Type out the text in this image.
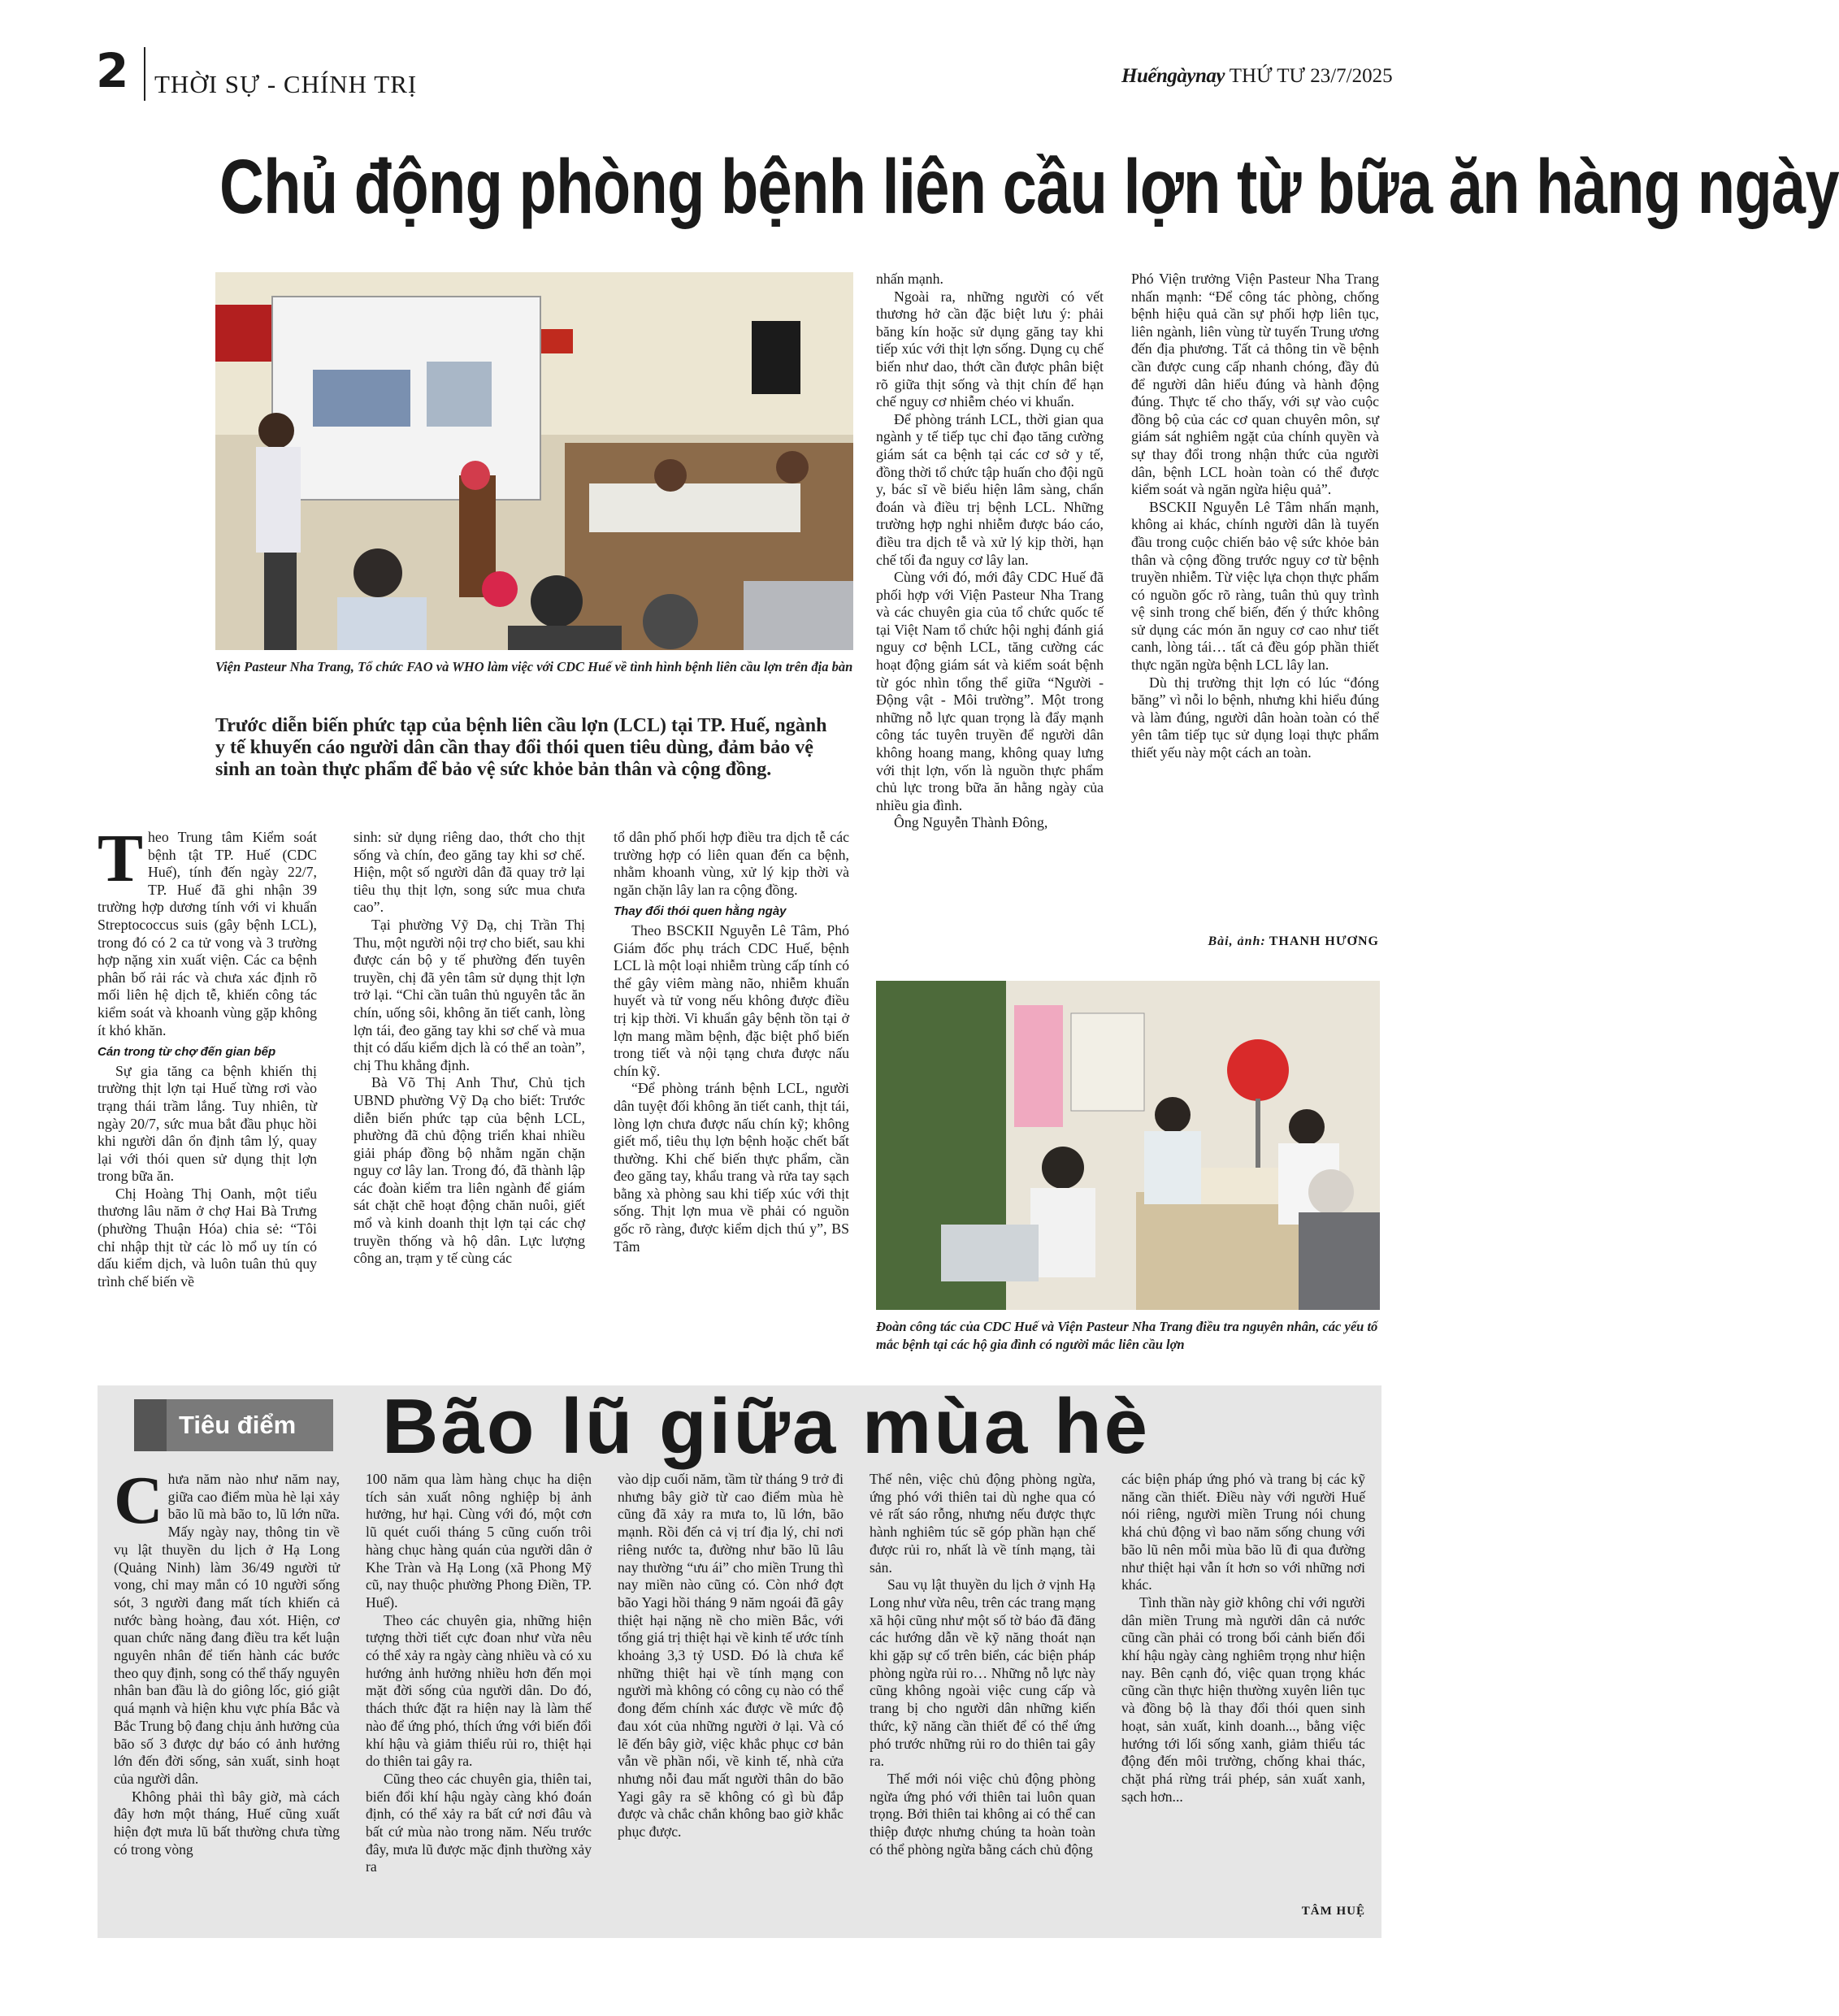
2 THỜI SỰ - CHÍNH TRỊ	Huếngàynay THỨ TƯ 23/7/2025
Chủ động phòng bệnh liên cầu lợn từ bữa ăn hàng ngày
Viện Pasteur Nha Trang, Tổ chức FAO và WHO làm việc với CDC Huế về tình hình bệnh liên cầu lợn trên địa bàn
Trước diễn biến phức tạp của bệnh liên cầu lợn (LCL) tại TP. Huế, ngành y tế khuyến cáo người dân cần thay đổi thói quen tiêu dùng, đảm bảo vệ sinh an toàn thực phẩm để bảo vệ sức khỏe bản thân và cộng đồng.

Theo Trung tâm Kiểm soát bệnh tật TP. Huế (CDC Huế), tính đến ngày 22/7, TP. Huế đã ghi nhận 39 trường hợp dương tính với vi khuẩn Streptococcus suis (gây bệnh LCL), trong đó có 2 ca tử vong và 3 trường hợp nặng xin xuất viện. Các ca bệnh phân bố rải rác và chưa xác định rõ mối liên hệ dịch tễ, khiến công tác kiểm soát và khoanh vùng gặp không ít khó khăn.

Cán trong từ chợ đến gian bếp

Sự gia tăng ca bệnh khiến thị trường thịt lợn tại Huế từng rơi vào trạng thái trầm lắng. Tuy nhiên, từ ngày 20/7, sức mua bắt đầu phục hồi khi người dân ổn định tâm lý, quay lại với thói quen sử dụng thịt lợn trong bữa ăn.

Chị Hoàng Thị Oanh, một tiểu thương lâu năm ở chợ Hai Bà Trưng (phường Thuận Hóa) chia sẻ: “Tôi chỉ nhập thịt từ các lò mổ uy tín có dấu kiểm dịch, và luôn tuân thủ quy trình chế biến về

sinh: sử dụng riêng dao, thớt cho thịt sống và chín, đeo găng tay khi sơ chế. Hiện, một số người dân đã quay trở lại tiêu thụ thịt lợn, song sức mua chưa cao”.

Tại phường Vỹ Dạ, chị Trần Thị Thu, một người nội trợ cho biết, sau khi được cán bộ y tế phường đến tuyên truyền, chị đã yên tâm sử dụng thịt lợn trở lại. “Chỉ cần tuân thủ nguyên tắc ăn chín, uống sôi, không ăn tiết canh, lòng lợn tái, đeo găng tay khi sơ chế và mua thịt có dấu kiểm dịch là có thể an toàn”, chị Thu khẳng định.

Bà Võ Thị Anh Thư, Chủ tịch UBND phường Vỹ Dạ cho biết: Trước diễn biến phức tạp của bệnh LCL, phường đã chủ động triển khai nhiều giải pháp đồng bộ nhằm ngăn chặn nguy cơ lây lan. Trong đó, đã thành lập các đoàn kiểm tra liên ngành để giám sát chặt chẽ hoạt động chăn nuôi, giết mổ và kinh doanh thịt lợn tại các chợ truyền thống và hộ dân. Lực lượng công an, trạm y tế cùng các

tổ dân phố phối hợp điều tra dịch tễ các trường hợp có liên quan đến ca bệnh, nhằm khoanh vùng, xử lý kịp thời và ngăn chặn lây lan ra cộng đồng.

Thay đổi thói quen hằng ngày

Theo BSCKII Nguyễn Lê Tâm, Phó Giám đốc phụ trách CDC Huế, bệnh LCL là một loại nhiễm trùng cấp tính có thể gây viêm màng não, nhiễm khuẩn huyết và tử vong nếu không được điều trị kịp thời. Vi khuẩn gây bệnh tồn tại ở lợn mang mầm bệnh, đặc biệt phổ biến trong tiết và nội tạng chưa được nấu chín kỹ.

“Để phòng tránh bệnh LCL, người dân tuyệt đối không ăn tiết canh, thịt tái, lòng lợn chưa được nấu chín kỹ; không giết mổ, tiêu thụ lợn bệnh hoặc chết bất thường. Khi chế biến thực phẩm, cần đeo găng tay, khẩu trang và rửa tay sạch bằng xà phòng sau khi tiếp xúc với thịt sống. Thịt lợn mua về phải có nguồn gốc rõ ràng, được kiểm dịch thú y”, BS Tâm

nhấn mạnh.

Ngoài ra, những người có vết thương hở cần đặc biệt lưu ý: phải băng kín hoặc sử dụng găng tay khi tiếp xúc với thịt lợn sống. Dụng cụ chế biến như dao, thớt cần được phân biệt rõ giữa thịt sống và thịt chín để hạn chế nguy cơ nhiễm chéo vi khuẩn.

Để phòng tránh LCL, thời gian qua ngành y tế tiếp tục chỉ đạo tăng cường giám sát ca bệnh tại các cơ sở y tế, đồng thời tổ chức tập huấn cho đội ngũ y, bác sĩ về biểu hiện lâm sàng, chẩn đoán và điều trị bệnh LCL. Những trường hợp nghi nhiễm được báo cáo, điều tra dịch tễ và xử lý kịp thời, hạn chế tối đa nguy cơ lây lan.

Cùng với đó, mới đây CDC Huế đã phối hợp với Viện Pasteur Nha Trang và các chuyên gia của tổ chức quốc tế tại Việt Nam tổ chức hội nghị đánh giá nguy cơ bệnh LCL, tăng cường các hoạt động giám sát và kiểm soát bệnh từ góc nhìn tổng thể giữa “Người - Động vật - Môi trường”. Một trong những nỗ lực quan trọng là đẩy mạnh công tác tuyên truyền để người dân không hoang mang, không quay lưng với thịt lợn, vốn là nguồn thực phẩm chủ lực trong bữa ăn hằng ngày của nhiều gia đình.

Ông Nguyễn Thành Đông,

Phó Viện trưởng Viện Pasteur Nha Trang nhấn mạnh: “Để công tác phòng, chống bệnh hiệu quả cần sự phối hợp liên tục, liên ngành, liên vùng từ tuyến Trung ương đến địa phương. Tất cả thông tin về bệnh cần được cung cấp nhanh chóng, đầy đủ để người dân hiểu đúng và hành động đúng. Thực tế cho thấy, với sự vào cuộc đồng bộ của các cơ quan chuyên môn, sự giám sát nghiêm ngặt của chính quyền và sự thay đổi trong nhận thức của người dân, bệnh LCL hoàn toàn có thể được kiểm soát và ngăn ngừa hiệu quả”.

BSCKII Nguyễn Lê Tâm nhấn mạnh, không ai khác, chính người dân là tuyến đầu trong cuộc chiến bảo vệ sức khỏe bản thân và cộng đồng trước nguy cơ từ bệnh truyền nhiễm. Từ việc lựa chọn thực phẩm có nguồn gốc rõ ràng, tuân thủ quy trình vệ sinh trong chế biến, đến ý thức không sử dụng các món ăn nguy cơ cao như tiết canh, lòng tái… tất cả đều góp phần thiết thực ngăn ngừa bệnh LCL lây lan.

Dù thị trường thịt lợn có lúc “đóng băng” vì nỗi lo bệnh, nhưng khi hiểu đúng và làm đúng, người dân hoàn toàn có thể yên tâm tiếp tục sử dụng loại thực phẩm thiết yếu này một cách an toàn.

Bài, ảnh: THANH HƯƠNG
Đoàn công tác của CDC Huế và Viện Pasteur Nha Trang điều tra nguyên nhân, các yếu tố mắc bệnh tại các hộ gia đình có người mắc liên cầu lợn
Tiêu điểm Bão lũ giữa mùa hè

Chưa năm nào như năm nay, giữa cao điểm mùa hè lại xảy bão lũ mà bão to, lũ lớn nữa. Mấy ngày nay, thông tin về vụ lật thuyền du lịch ở Hạ Long (Quảng Ninh) làm 36/49 người tử vong, chỉ may mắn có 10 người sống sót, 3 người đang mất tích khiến cả nước bàng hoàng, đau xót. Hiện, cơ quan chức năng đang điều tra kết luận nguyên nhân để tiến hành các bước theo quy định, song có thể thấy nguyên nhân ban đầu là do giông lốc, gió giật quá mạnh và hiện khu vực phía Bắc và Bắc Trung bộ đang chịu ảnh hưởng của bão số 3 được dự báo có ảnh hưởng lớn đến đời sống, sản xuất, sinh hoạt của người dân.

Không phải thì bây giờ, mà cách đây hơn một tháng, Huế cũng xuất hiện đợt mưa lũ bất thường chưa từng có trong vòng

100 năm qua làm hàng chục ha diện tích sản xuất nông nghiệp bị ảnh hưởng, hư hại. Cùng với đó, một cơn lũ quét cuối tháng 5 cũng cuốn trôi hàng chục hàng quán của người dân ở Khe Tràn và Hạ Long (xã Phong Mỹ cũ, nay thuộc phường Phong Điền, TP. Huế).

Theo các chuyên gia, những hiện tượng thời tiết cực đoan như vừa nêu có thể xảy ra ngày càng nhiều và có xu hướng ảnh hưởng nhiều hơn đến mọi mặt đời sống của người dân. Do đó, thách thức đặt ra hiện nay là làm thế nào để ứng phó, thích ứng với biến đổi khí hậu và giảm thiểu rủi ro, thiệt hại do thiên tai gây ra.

Cũng theo các chuyên gia, thiên tai, biến đổi khí hậu ngày càng khó đoán định, có thể xảy ra bất cứ nơi đâu và bất cứ mùa nào trong năm. Nếu trước đây, mưa lũ được mặc định thường xảy ra

vào dịp cuối năm, tầm từ tháng 9 trở đi nhưng bây giờ từ cao điểm mùa hè cũng đã xảy ra mưa to, lũ lớn, bão mạnh. Rồi đến cả vị trí địa lý, chỉ nơi riêng nước ta, đường như bão lũ lâu nay thường “ưu ái” cho miền Trung thì nay miền nào cũng có. Còn nhớ đợt bão Yagi hồi tháng 9 năm ngoái đã gây thiệt hại nặng nề cho miền Bắc, với tổng giá trị thiệt hại về kinh tế ước tính khoảng 3,3 tỷ USD. Đó là chưa kể những thiệt hại về tính mạng con người mà không có công cụ nào có thể đong đếm chính xác được về mức độ đau xót của những người ở lại. Và có lẽ đến bây giờ, việc khắc phục cơ bản vẫn về phần nổi, về kinh tế, nhà cửa nhưng nỗi đau mất người thân do bão Yagi gây ra sẽ không có gì bù đắp được và chắc chắn không bao giờ khắc phục được.

Thế nên, việc chủ động phòng ngừa, ứng phó với thiên tai dù nghe qua có vẻ rất sáo rỗng, nhưng nếu được thực hành nghiêm túc sẽ góp phần hạn chế được rủi ro, nhất là về tính mạng, tài sản.

Sau vụ lật thuyền du lịch ở vịnh Hạ Long như vừa nêu, trên các trang mạng xã hội cũng như một số tờ báo đã đăng các hướng dẫn về kỹ năng thoát nạn khi gặp sự cố trên biển, các biện pháp phòng ngừa rủi ro… Những nỗ lực này cũng không ngoài việc cung cấp và trang bị cho người dân những kiến thức, kỹ năng cần thiết để có thể ứng phó trước những rủi ro do thiên tai gây ra.

Thế mới nói việc chủ động phòng ngừa ứng phó với thiên tai luôn quan trọng. Bởi thiên tai không ai có thể can thiệp được nhưng chúng ta hoàn toàn có thể phòng ngừa bằng cách chủ động

các biện pháp ứng phó và trang bị các kỹ năng cần thiết. Điều này với người Huế nói riêng, người miền Trung nói chung khá chủ động vì bao năm sống chung với bão lũ nên mỗi mùa bão lũ đi qua đường như thiệt hại vẫn ít hơn so với những nơi khác.

Tình thần này giờ không chỉ với người dân miền Trung mà người dân cả nước cũng cần phải có trong bối cảnh biến đổi khí hậu ngày càng nghiêm trọng như hiện nay. Bên cạnh đó, việc quan trọng khác cũng cần thực hiện thường xuyên liên tục và đồng bộ là thay đổi thói quen sinh hoạt, sản xuất, kinh doanh..., bằng việc hướng tới lối sống xanh, giảm thiểu tác động đến môi trường, chống khai thác, chặt phá rừng trái phép, sản xuất xanh, sạch hơn...

TÂM HUỆ
